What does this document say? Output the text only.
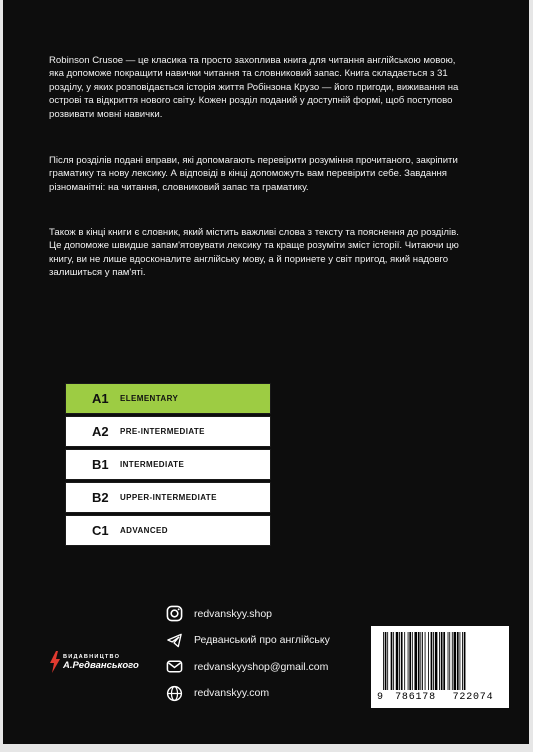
Robinson Crusoe — це класика та просто захоплива книга для читання англійською мовою, яка допоможе покращити навички читання та словниковий запас. Книга складається з 31 розділу, у яких розповідається історія життя Робінзона Крузо — його пригоди, виживання на острові та відкриття нового світу. Кожен розділ поданий у доступній формі, щоб поступово розвивати мовні навички.

Після розділів подані вправи, які допомагають перевірити розуміння прочитаного, закріпити граматику та нову лексику. А відповіді в кінці допоможуть вам перевірити себе. Завдання різноманітні: на читання, словниковий запас та граматику.

Також в кінці книги є словник, який містить важливі слова з тексту та пояснення до розділів. Це допоможе швидше запам'ятовувати лексику та краще розуміти зміст історії. Читаючи цю книгу, ви не лише вдосконалите англійську мову, а й поринете у світ пригод, який надовго залишиться у пам'яті.

A1	ELEMENTARY
A2	PRE-INTERMEDIATE
B1	INTERMEDIATE
B2	UPPER-INTERMEDIATE
C1	ADVANCED
ВИДАВНИЦТВО
А.Редванського
redvanskyy.shop
Редванський про англійську
redvanskyyshop@gmail.com
redvanskyy.com	9	786178	722074
